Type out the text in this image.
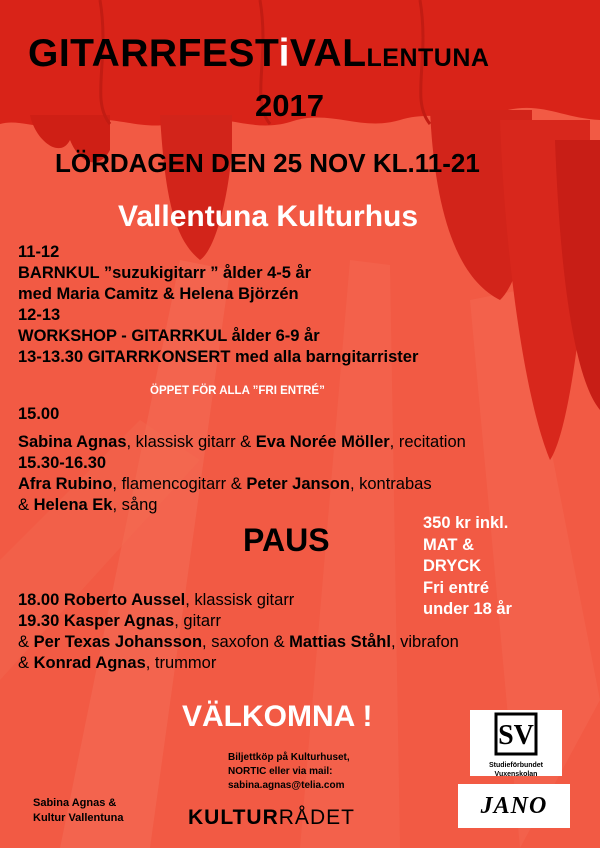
GITARRFESTiVALLENTUNA
2017
LÖRDAGEN DEN 25 NOV KL.11-21
Vallentuna Kulturhus
11-12
BARNKUL ”suzukigitarr ” ålder 4-5 år
med Maria Camitz & Helena Björzén
12-13
WORKSHOP - GITARRKUL ålder 6-9 år
13-13.30 GITARRKONSERT med alla barngitarrister
ÖPPET FÖR ALLA ”FRI ENTRÉ”
15.00
Sabina Agnas, klassisk gitarr & Eva Norée Möller, recitation
15.30-16.30
Afra Rubino, flamencogitarr & Peter Janson, kontrabas
& Helena Ek, sång
PAUS	350 kr inkl.
MAT &
DRYCK
Fri entré
under 18 år
18.00 Roberto Aussel, klassisk gitarr
19.30 Kasper Agnas, gitarr
& Per Texas Johansson, saxofon & Mattias Ståhl, vibrafon
& Konrad Agnas, trummor
VÄLKOMNA !
Biljettköp på Kulturhuset,
NORTIC eller via mail:
sabina.agnas@telia.com
Sabina Agnas &
Kultur Vallentuna	KULTURRÅDET
SV
Studieförbundet
Vuxenskolan
JANO
